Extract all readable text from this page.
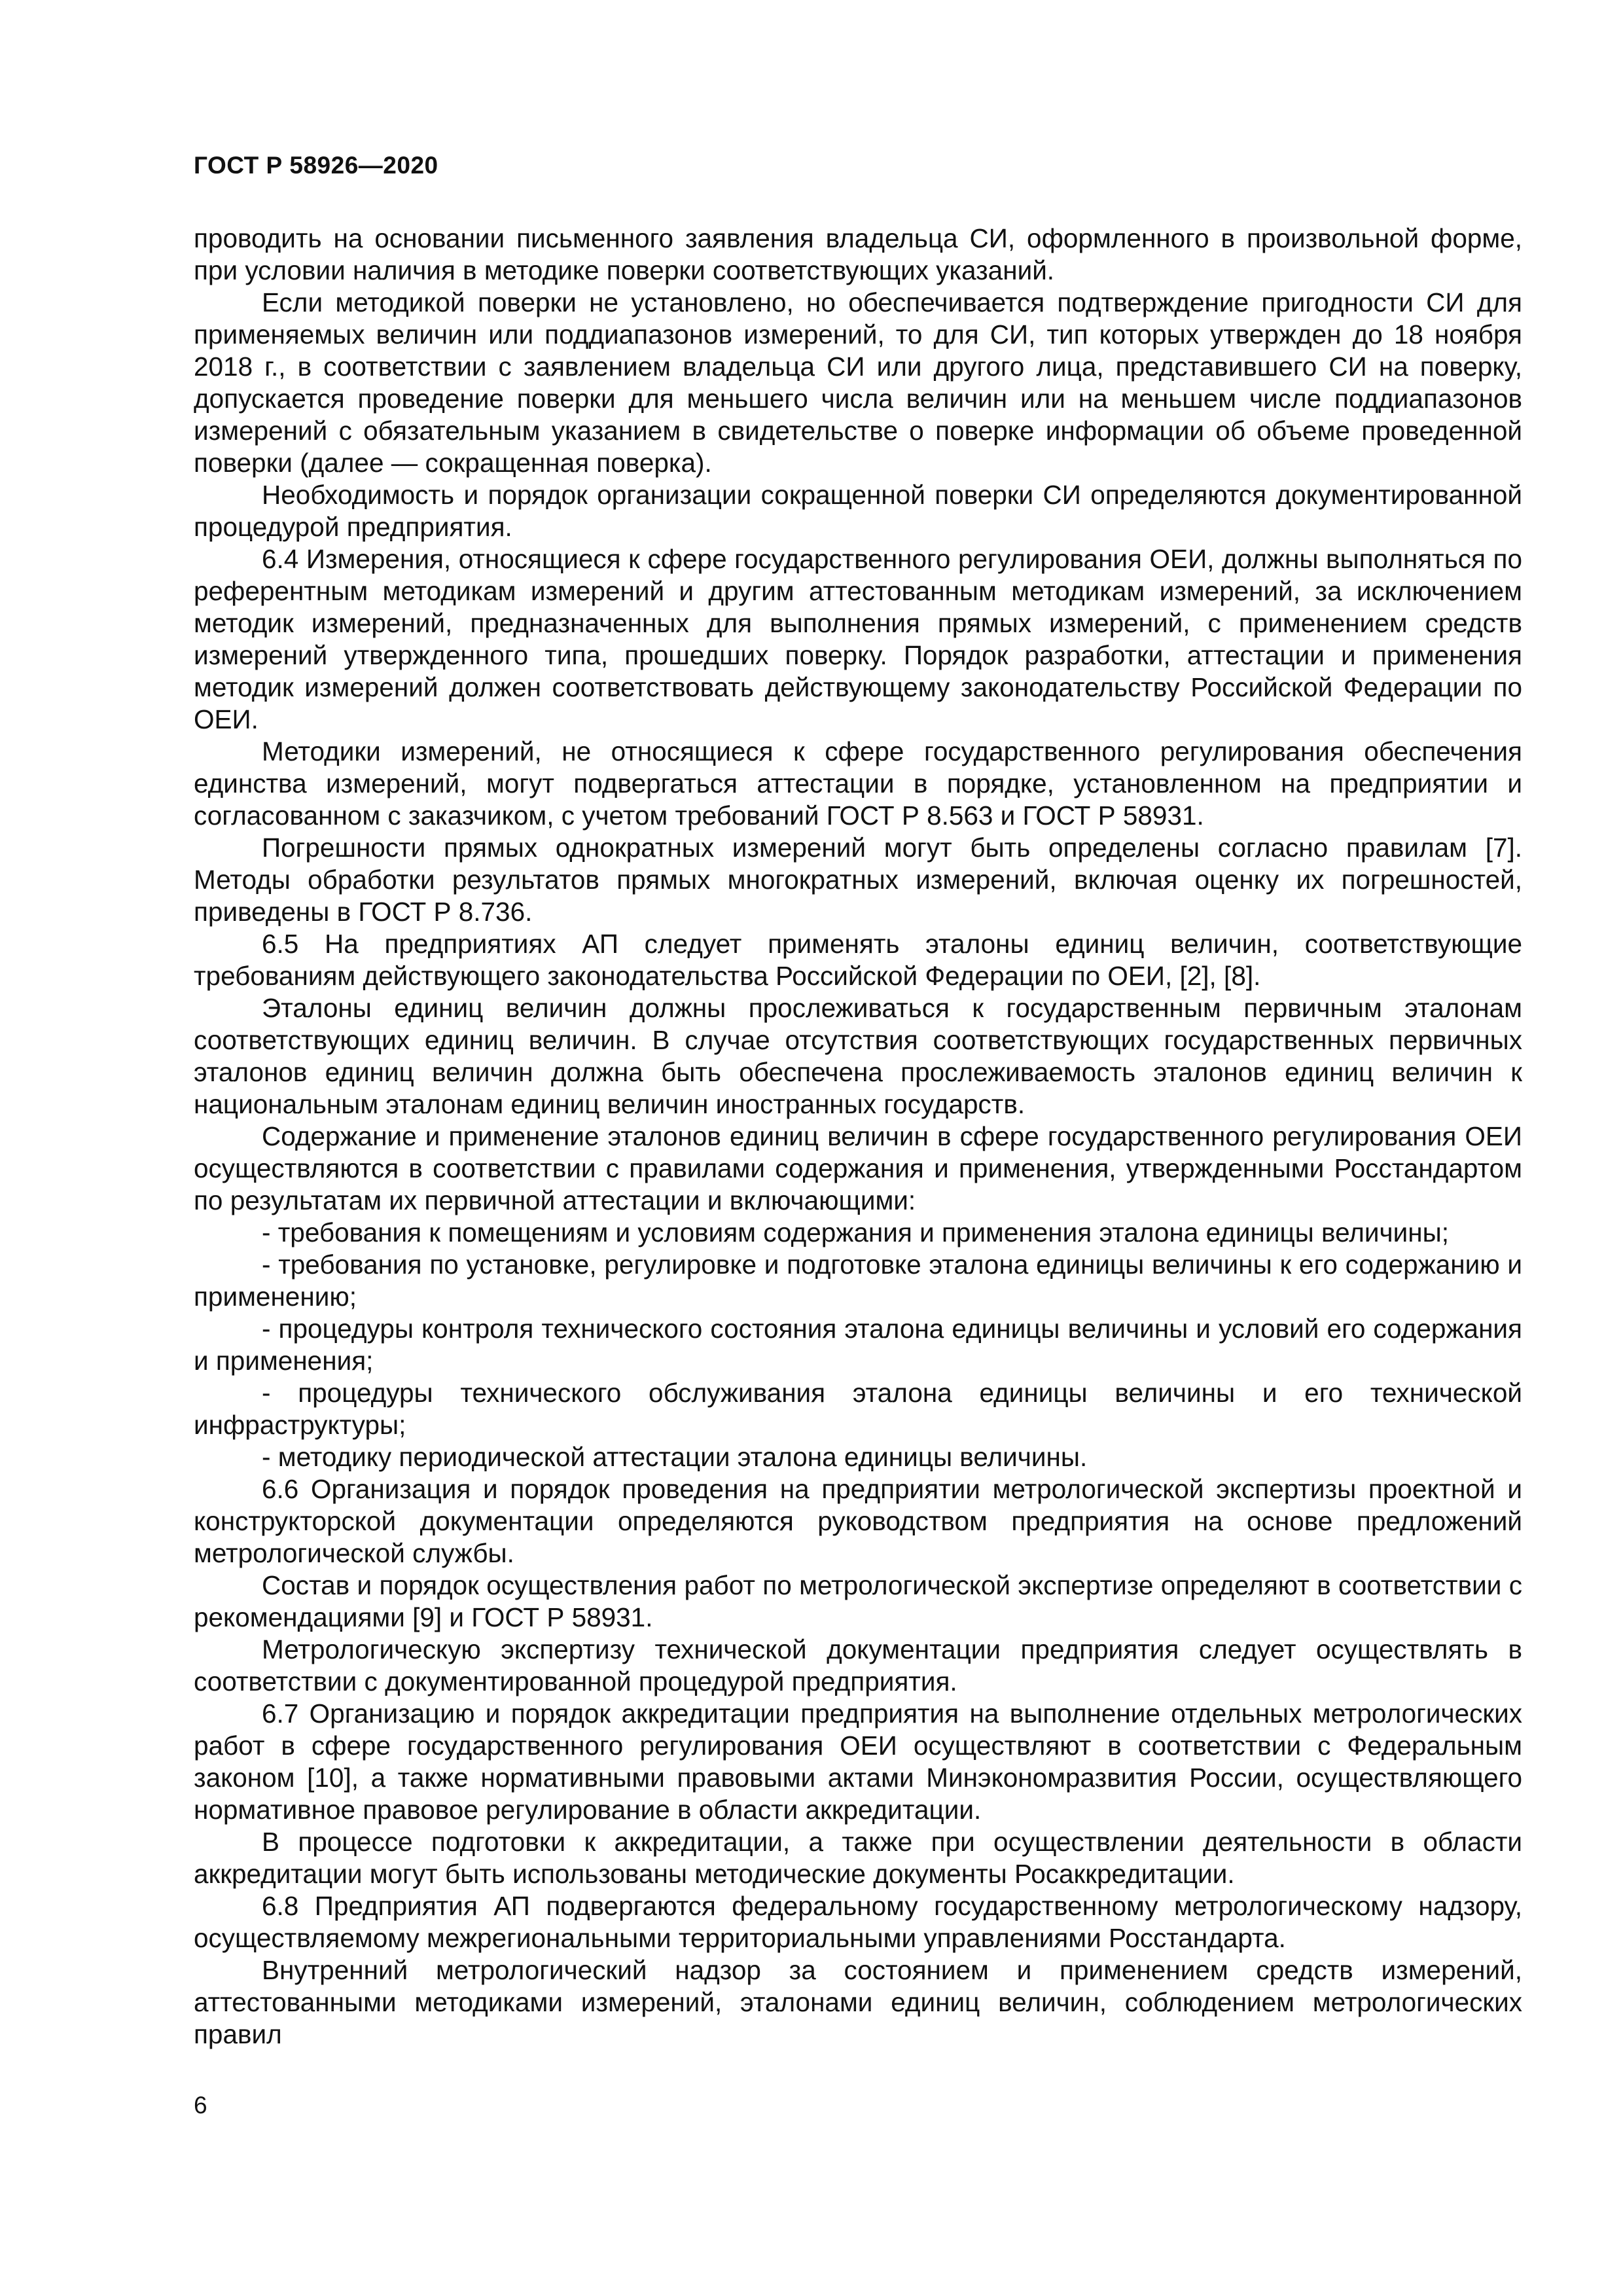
ГОСТ Р 58926—2020

проводить на основании письменного заявления владельца СИ, оформленного в произвольной форме, при условии наличия в методике поверки соответствующих указаний.

Если методикой поверки не установлено, но обеспечивается подтверждение пригодности СИ для применяемых величин или поддиапазонов измерений, то для СИ, тип которых утвержден до 18 ноября 2018 г., в соответствии с заявлением владельца СИ или другого лица, представившего СИ на поверку, допускается проведение поверки для меньшего числа величин или на меньшем числе поддиапазонов измерений с обязательным указанием в свидетельстве о поверке информации об объеме проведенной поверки (далее — сокращенная поверка).

Необходимость и порядок организации сокращенной поверки СИ определяются документированной процедурой предприятия.

6.4 Измерения, относящиеся к сфере государственного регулирования ОЕИ, должны выполняться по референтным методикам измерений и другим аттестованным методикам измерений, за исключением методик измерений, предназначенных для выполнения прямых измерений, с применением средств измерений утвержденного типа, прошедших поверку. Порядок разработки, аттестации и применения методик измерений должен соответствовать действующему законодательству Российской Федерации по ОЕИ.

Методики измерений, не относящиеся к сфере государственного регулирования обеспечения единства измерений, могут подвергаться аттестации в порядке, установленном на предприятии и согласованном с заказчиком, с учетом требований ГОСТ Р 8.563 и ГОСТ Р 58931.

Погрешности прямых однократных измерений могут быть определены согласно правилам [7]. Методы обработки результатов прямых многократных измерений, включая оценку их погрешностей, приведены в ГОСТ Р 8.736.

6.5 На предприятиях АП следует применять эталоны единиц величин, соответствующие требованиям действующего законодательства Российской Федерации по ОЕИ, [2], [8].

Эталоны единиц величин должны прослеживаться к государственным первичным эталонам соответствующих единиц величин. В случае отсутствия соответствующих государственных первичных эталонов единиц величин должна быть обеспечена прослеживаемость эталонов единиц величин к национальным эталонам единиц величин иностранных государств.

Содержание и применение эталонов единиц величин в сфере государственного регулирования ОЕИ осуществляются в соответствии с правилами содержания и применения, утвержденными Росстандартом по результатам их первичной аттестации и включающими:

- требования к помещениям и условиям содержания и применения эталона единицы величины;

- требования по установке, регулировке и подготовке эталона единицы величины к его содержанию и применению;

- процедуры контроля технического состояния эталона единицы величины и условий его содержания и применения;

- процедуры технического обслуживания эталона единицы величины и его технической инфраструктуры;

- методику периодической аттестации эталона единицы величины.

6.6 Организация и порядок проведения на предприятии метрологической экспертизы проектной и конструкторской документации определяются руководством предприятия на основе предложений метрологической службы.

Состав и порядок осуществления работ по метрологической экспертизе определяют в соответствии с рекомендациями [9] и ГОСТ Р 58931.

Метрологическую экспертизу технической документации предприятия следует осуществлять в соответствии с документированной процедурой предприятия.

6.7 Организацию и порядок аккредитации предприятия на выполнение отдельных метрологических работ в сфере государственного регулирования ОЕИ осуществляют в соответствии с Федеральным законом [10], а также нормативными правовыми актами Минэкономразвития России, осуществляющего нормативное правовое регулирование в области аккредитации.

В процессе подготовки к аккредитации, а также при осуществлении деятельности в области аккредитации могут быть использованы методические документы Росаккредитации.

6.8 Предприятия АП подвергаются федеральному государственному метрологическому надзору, осуществляемому межрегиональными территориальными управлениями Росстандарта.

Внутренний метрологический надзор за состоянием и применением средств измерений, аттестованными методиками измерений, эталонами единиц величин, соблюдением метрологических правил

6
